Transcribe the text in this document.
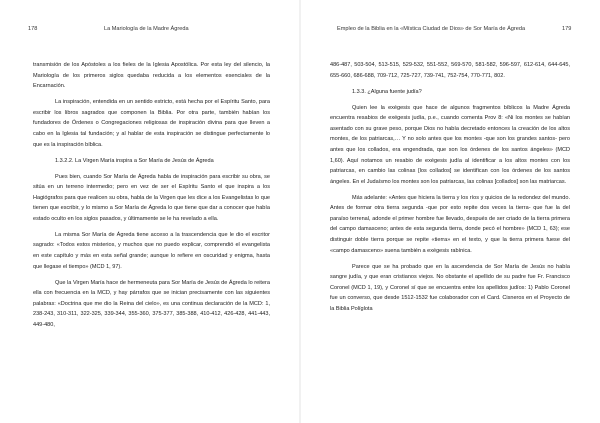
178	La Mariología de la Madre Ágreda

transmisión de los Apóstoles a los fieles de la Iglesia Apostólica. Por esta ley del silencio, la Mariología de los primeros siglos quedaba reducida a los elementos esenciales de la Encarnación.

La inspiración, entendida en un sentido estricto, está hecha por el Espíritu Santo, para escribir los libros sagrados que componen la Biblia. Por otra parte, también habían los fundadores de Órdenes o Congregaciones religiosas de inspiración divina para que lleven a cabo en la Iglesia tal fundación; y al hablar de esta inspiración se distingue perfectamente lo que es la inspiración bíblica.

1.3.2.2. La Virgen María inspira a Sor María de Jesús de Ágreda

Pues bien, cuando Sor María de Ágreda habla de inspiración para escribir su obra, se sitúa en un terreno intermedio; pero en vez de ser el Espíritu Santo el que inspira a los Hagiógrafos para que realicen su obra, habla de la Virgen que les dice a los Evangelistas lo que tienen que escribir, y lo mismo a Sor María de Ágreda lo que tiene que dar a conocer que había estado oculto en los siglos pasados, y últimamente se le ha revelado a ella.

La misma Sor María de Ágreda tiene acceso a la trascendencia que le dio el escritor sagrado: «Todos estos misterios, y muchos que no puedo explicar, comprendió el evangelista en este capítulo y más en esta señal grande; aunque lo refiere en oscuridad y enigma, hasta que llegase el tiempo» (MCD 1, 97).

Que la Virgen María hace de hermeneuta para Sor María de Jesús de Ágreda lo reitera ella con frecuencia en la MCD, y hay párrafos que se inician precisamente con las siguientes palabras: «Doctrina que me dio la Reina del cielo», es una continua declaración de la MCD: 1, 238-243, 310-311, 322-325, 339-344, 355-360, 375-377, 385-388, 410-412, 426-428, 441-443, 449-480,

Empleo de la Biblia en la «Mística Ciudad de Dios» de Sor María de Ágreda	179

486-487, 503-504, 513-515, 529-532, 551-552, 569-570, 581-582, 596-597, 612-614, 644-645, 655-660, 686-688, 709-712, 725-727, 739-741, 752-754, 770-771, 802.

1.3.3. ¿Alguna fuente judía?

Quien lee la exégesis que hace de algunos fragmentos bíblicos la Madre Ágreda encuentra resabios de exégesis judía, p.e., cuando comenta Prov 8: «Ni los montes se habían asentado con su grave peso, porque Dios no había decretado entonces la creación de los altos montes, de los patriarcas,… Y no solo antes que los montes -que son los grandes santos- pero antes que los collados, era engendrada, que son los órdenes de los santos ángeles» (MCD 1,60). Aquí notamos un resabio de exégesis judía al identificar a los altos montes con los patriarcas, en cambio las colinas [los collados] se identifican con los órdenes de los santos ángeles. En el Judaísmo los montes son los patriarcas, las colinas [collados] son las matriarcas.

Más adelante: «Antes que hiciera la tierra y los ríos y quicios de la redondez del mundo. Antes de formar otra tierra segunda -que por esto repite dos veces la tierra- que fue la del paraíso terrenal, adonde el primer hombre fue llevado, después de ser criado de la tierra primera del campo damasceno; antes de esta segunda tierra, donde pecó el hombre» (MCD 1, 63); ese distinguir doble tierra porque se repite «tierra» en el texto, y que la tierra primera fuese del «campo damasceno» suena también a exégesis rabínica.

Parece que se ha probado que en la ascendencia de Sor María de Jesús no había sangre judía, y que eran cristianos viejos. No obstante el apellido de su padre fue Fr. Francisco Coronel (MCD 1, 19), y Coronel sí que se encuentra entre los apellidos judíos: 1) Pablo Coronel fue un converso, que desde 1512-1532 fue colaborador con el Card. Cisneros en el Proyecto de la Biblia Políglota
